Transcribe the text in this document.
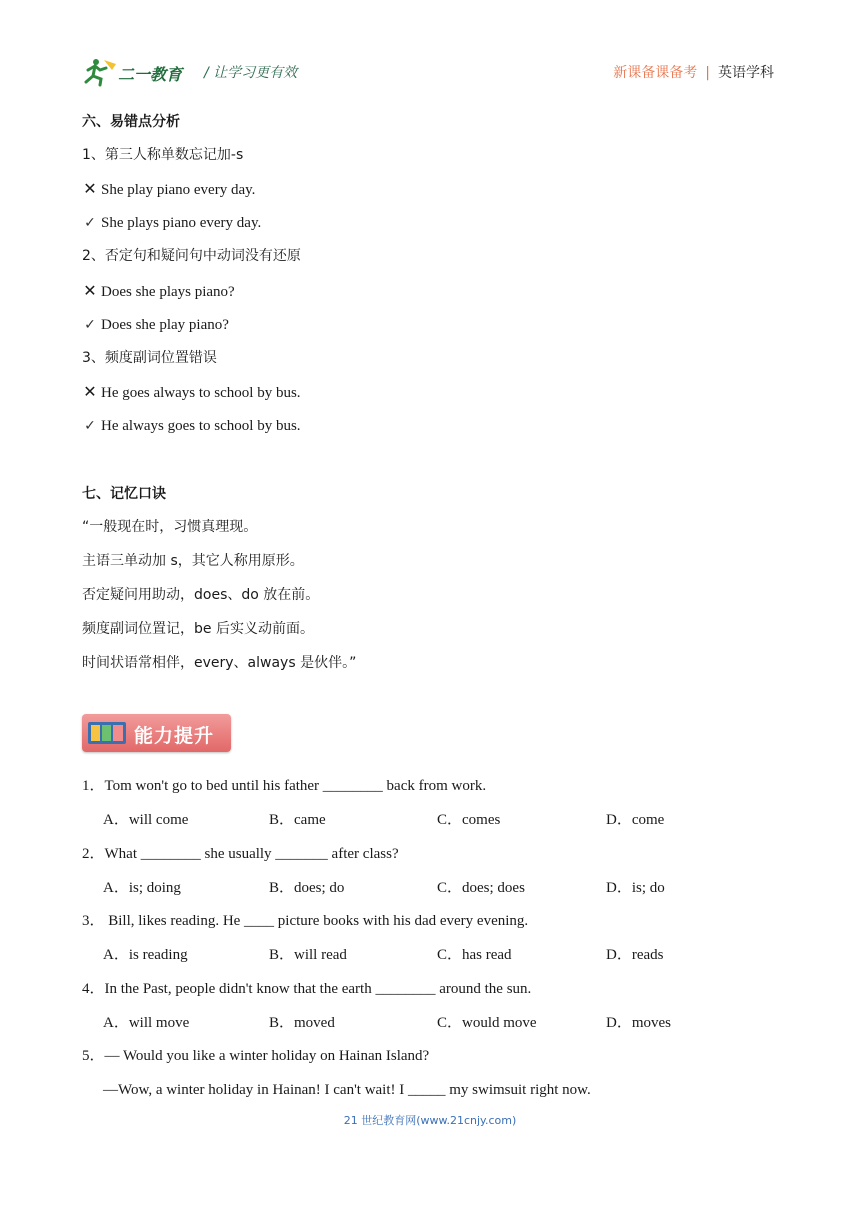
二一教育 / 让学习更有效	新课备课备考 | 英语学科
六、易错点分析
1、第三人称单数忘记加-s
✕ She play piano every day.
✓ She plays piano every day.
2、否定句和疑问句中动词没有还原
✕ Does she plays piano?
✓ Does she play piano?
3、频度副词位置错误
✕ He goes always to school by bus.
✓ He always goes to school by bus.
七、记忆口诀
“一般现在时，习惯真理现。
主语三单动加 s，其它人称用原形。
否定疑问用助动，does、do 放在前。
频度副词位置记，be 后实义动前面。
时间状语常相伴，every、always 是伙伴。”
能力提升
1．Tom won't go to bed until his father ________ back from work.
A．will come	B．came	C．comes	D．come
2．What ________ she usually _______ after class?
A．is; doing	B．does; do	C．does; does	D．is; do
3． Bill, likes reading. He ____ picture books with his dad every evening.
A．is reading	B．will read	C．has read	D．reads
4．In the Past, people didn't know that the earth ________ around the sun.
A．will move	B．moved	C．would move	D．moves
5．— Would you like a winter holiday on Hainan Island?
—Wow, a winter holiday in Hainan! I can't wait! I _____ my swimsuit right now.
21 世纪教育网(www.21cnjy.com)
